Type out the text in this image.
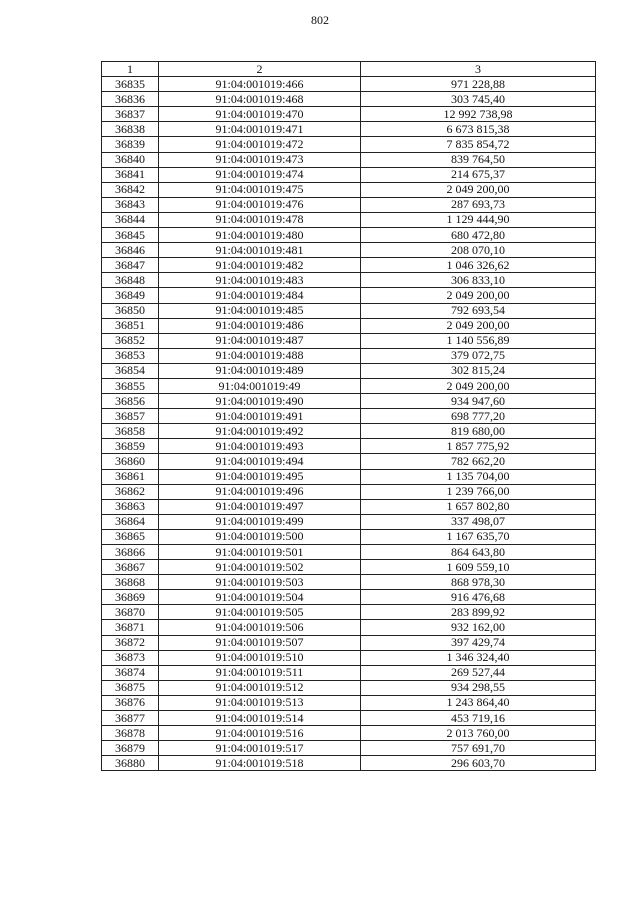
802
1	2	3
36835	91:04:001019:466	971 228,88
36836	91:04:001019:468	303 745,40
36837	91:04:001019:470	12 992 738,98
36838	91:04:001019:471	6 673 815,38
36839	91:04:001019:472	7 835 854,72
36840	91:04:001019:473	839 764,50
36841	91:04:001019:474	214 675,37
36842	91:04:001019:475	2 049 200,00
36843	91:04:001019:476	287 693,73
36844	91:04:001019:478	1 129 444,90
36845	91:04:001019:480	680 472,80
36846	91:04:001019:481	208 070,10
36847	91:04:001019:482	1 046 326,62
36848	91:04:001019:483	306 833,10
36849	91:04:001019:484	2 049 200,00
36850	91:04:001019:485	792 693,54
36851	91:04:001019:486	2 049 200,00
36852	91:04:001019:487	1 140 556,89
36853	91:04:001019:488	379 072,75
36854	91:04:001019:489	302 815,24
36855	91:04:001019:49	2 049 200,00
36856	91:04:001019:490	934 947,60
36857	91:04:001019:491	698 777,20
36858	91:04:001019:492	819 680,00
36859	91:04:001019:493	1 857 775,92
36860	91:04:001019:494	782 662,20
36861	91:04:001019:495	1 135 704,00
36862	91:04:001019:496	1 239 766,00
36863	91:04:001019:497	1 657 802,80
36864	91:04:001019:499	337 498,07
36865	91:04:001019:500	1 167 635,70
36866	91:04:001019:501	864 643,80
36867	91:04:001019:502	1 609 559,10
36868	91:04:001019:503	868 978,30
36869	91:04:001019:504	916 476,68
36870	91:04:001019:505	283 899,92
36871	91:04:001019:506	932 162,00
36872	91:04:001019:507	397 429,74
36873	91:04:001019:510	1 346 324,40
36874	91:04:001019:511	269 527,44
36875	91:04:001019:512	934 298,55
36876	91:04:001019:513	1 243 864,40
36877	91:04:001019:514	453 719,16
36878	91:04:001019:516	2 013 760,00
36879	91:04:001019:517	757 691,70
36880	91:04:001019:518	296 603,70
